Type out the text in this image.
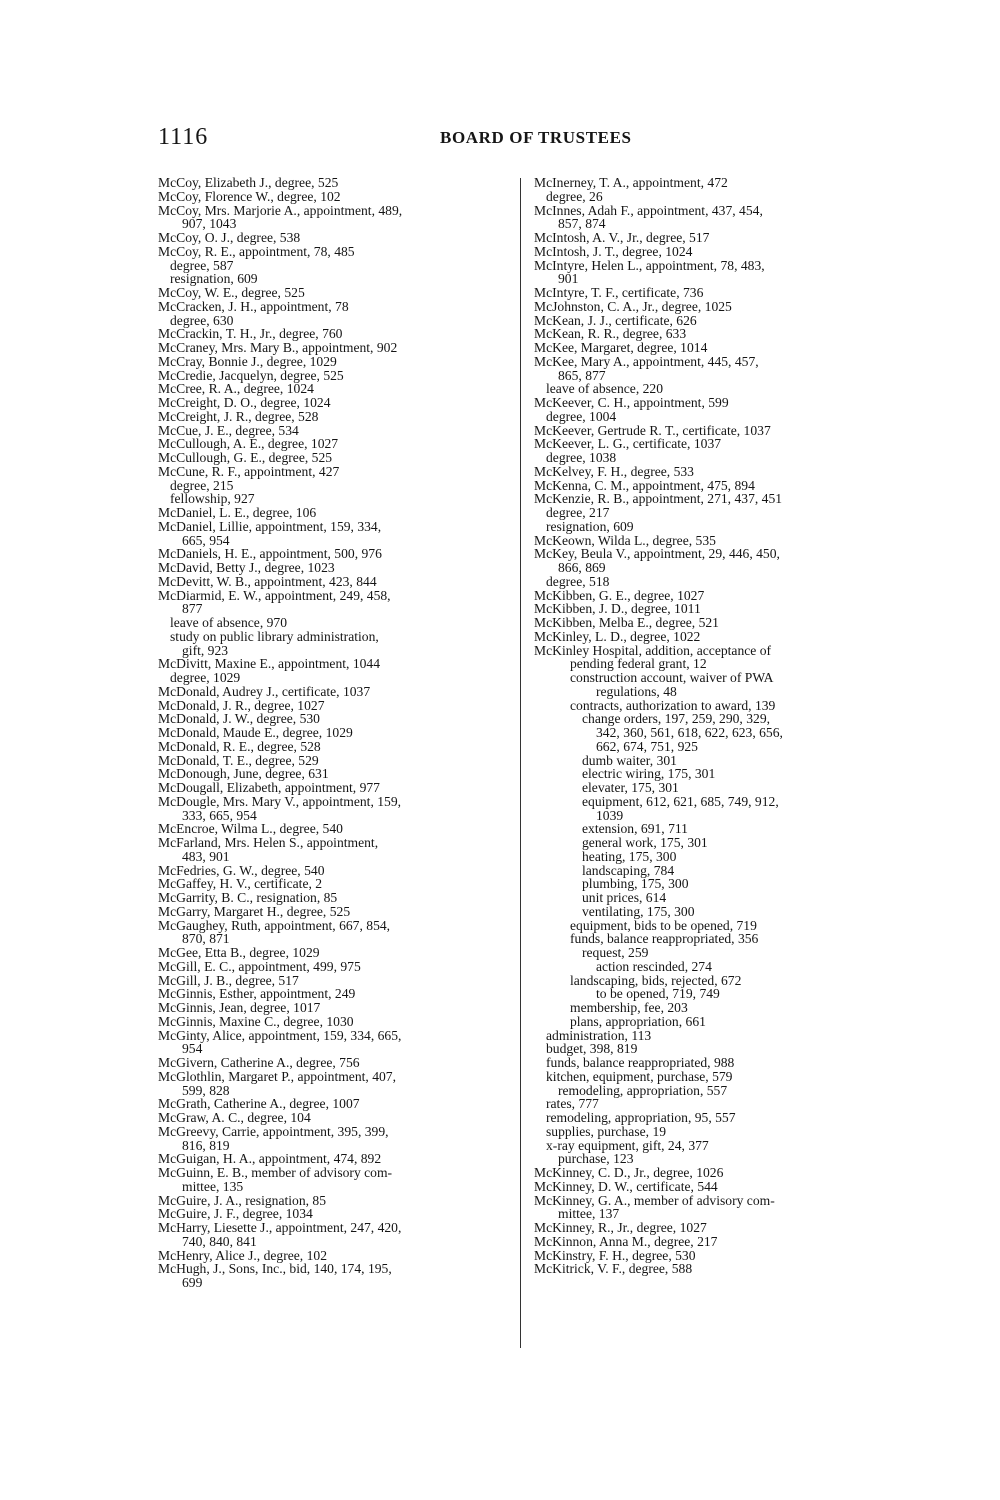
1116	BOARD OF TRUSTEES
McCoy, Elizabeth J., degree, 525
McCoy, Florence W., degree, 102
McCoy, Mrs. Marjorie A., appointment, 489,
907, 1043
McCoy, O. J., degree, 538
McCoy, R. E., appointment, 78, 485
degree, 587
resignation, 609
McCoy, W. E., degree, 525
McCracken, J. H., appointment, 78
degree, 630
McCrackin, T. H., Jr., degree, 760
McCraney, Mrs. Mary B., appointment, 902
McCray, Bonnie J., degree, 1029
McCredie, Jacquelyn, degree, 525
McCree, R. A., degree, 1024
McCreight, D. O., degree, 1024
McCreight, J. R., degree, 528
McCue, J. E., degree, 534
McCullough, A. E., degree, 1027
McCullough, G. E., degree, 525
McCune, R. F., appointment, 427
degree, 215
fellowship, 927
McDaniel, L. E., degree, 106
McDaniel, Lillie, appointment, 159, 334,
665, 954
McDaniels, H. E., appointment, 500, 976
McDavid, Betty J., degree, 1023
McDevitt, W. B., appointment, 423, 844
McDiarmid, E. W., appointment, 249, 458,
877
leave of absence, 970
study on public library administration,
gift, 923
McDivitt, Maxine E., appointment, 1044
degree, 1029
McDonald, Audrey J., certificate, 1037
McDonald, J. R., degree, 1027
McDonald, J. W., degree, 530
McDonald, Maude E., degree, 1029
McDonald, R. E., degree, 528
McDonald, T. E., degree, 529
McDonough, June, degree, 631
McDougall, Elizabeth, appointment, 977
McDougle, Mrs. Mary V., appointment, 159,
333, 665, 954
McEncroe, Wilma L., degree, 540
McFarland, Mrs. Helen S., appointment,
483, 901
McFedries, G. W., degree, 540
McGaffey, H. V., certificate, 2
McGarrity, B. C., resignation, 85
McGarry, Margaret H., degree, 525
McGaughey, Ruth, appointment, 667, 854,
870, 871
McGee, Etta B., degree, 1029
McGill, E. C., appointment, 499, 975
McGill, J. B., degree, 517
McGinnis, Esther, appointment, 249
McGinnis, Jean, degree, 1017
McGinnis, Maxine C., degree, 1030
McGinty, Alice, appointment, 159, 334, 665,
954
McGivern, Catherine A., degree, 756
McGlothlin, Margaret P., appointment, 407,
599, 828
McGrath, Catherine A., degree, 1007
McGraw, A. C., degree, 104
McGreevy, Carrie, appointment, 395, 399,
816, 819
McGuigan, H. A., appointment, 474, 892
McGuinn, E. B., member of advisory com-
mittee, 135
McGuire, J. A., resignation, 85
McGuire, J. F., degree, 1034
McHarry, Liesette J., appointment, 247, 420,
740, 840, 841
McHenry, Alice J., degree, 102
McHugh, J., Sons, Inc., bid, 140, 174, 195,
699
McInerney, T. A., appointment, 472
degree, 26
McInnes, Adah F., appointment, 437, 454,
857, 874
McIntosh, A. V., Jr., degree, 517
McIntosh, J. T., degree, 1024
McIntyre, Helen L., appointment, 78, 483,
901
McIntyre, T. F., certificate, 736
McJohnston, C. A., Jr., degree, 1025
McKean, J. J., certificate, 626
McKean, R. R., degree, 633
McKee, Margaret, degree, 1014
McKee, Mary A., appointment, 445, 457,
865, 877
leave of absence, 220
McKeever, C. H., appointment, 599
degree, 1004
McKeever, Gertrude R. T., certificate, 1037
McKeever, L. G., certificate, 1037
degree, 1038
McKelvey, F. H., degree, 533
McKenna, C. M., appointment, 475, 894
McKenzie, R. B., appointment, 271, 437, 451
degree, 217
resignation, 609
McKeown, Wilda L., degree, 535
McKey, Beula V., appointment, 29, 446, 450,
866, 869
degree, 518
McKibben, G. E., degree, 1027
McKibben, J. D., degree, 1011
McKibben, Melba E., degree, 521
McKinley, L. D., degree, 1022
McKinley Hospital, addition, acceptance of
pending federal grant, 12
construction account, waiver of PWA
regulations, 48
contracts, authorization to award, 139
change orders, 197, 259, 290, 329,
342, 360, 561, 618, 622, 623, 656,
662, 674, 751, 925
dumb waiter, 301
electric wiring, 175, 301
elevater, 175, 301
equipment, 612, 621, 685, 749, 912,
1039
extension, 691, 711
general work, 175, 301
heating, 175, 300
landscaping, 784
plumbing, 175, 300
unit prices, 614
ventilating, 175, 300
equipment, bids to be opened, 719
funds, balance reappropriated, 356
request, 259
action rescinded, 274
landscaping, bids, rejected, 672
to be opened, 719, 749
membership, fee, 203
plans, appropriation, 661
administration, 113
budget, 398, 819
funds, balance reappropriated, 988
kitchen, equipment, purchase, 579
remodeling, appropriation, 557
rates, 777
remodeling, appropriation, 95, 557
supplies, purchase, 19
x-ray equipment, gift, 24, 377
purchase, 123
McKinney, C. D., Jr., degree, 1026
McKinney, D. W., certificate, 544
McKinney, G. A., member of advisory com-
mittee, 137
McKinney, R., Jr., degree, 1027
McKinnon, Anna M., degree, 217
McKinstry, F. H., degree, 530
McKitrick, V. F., degree, 588
